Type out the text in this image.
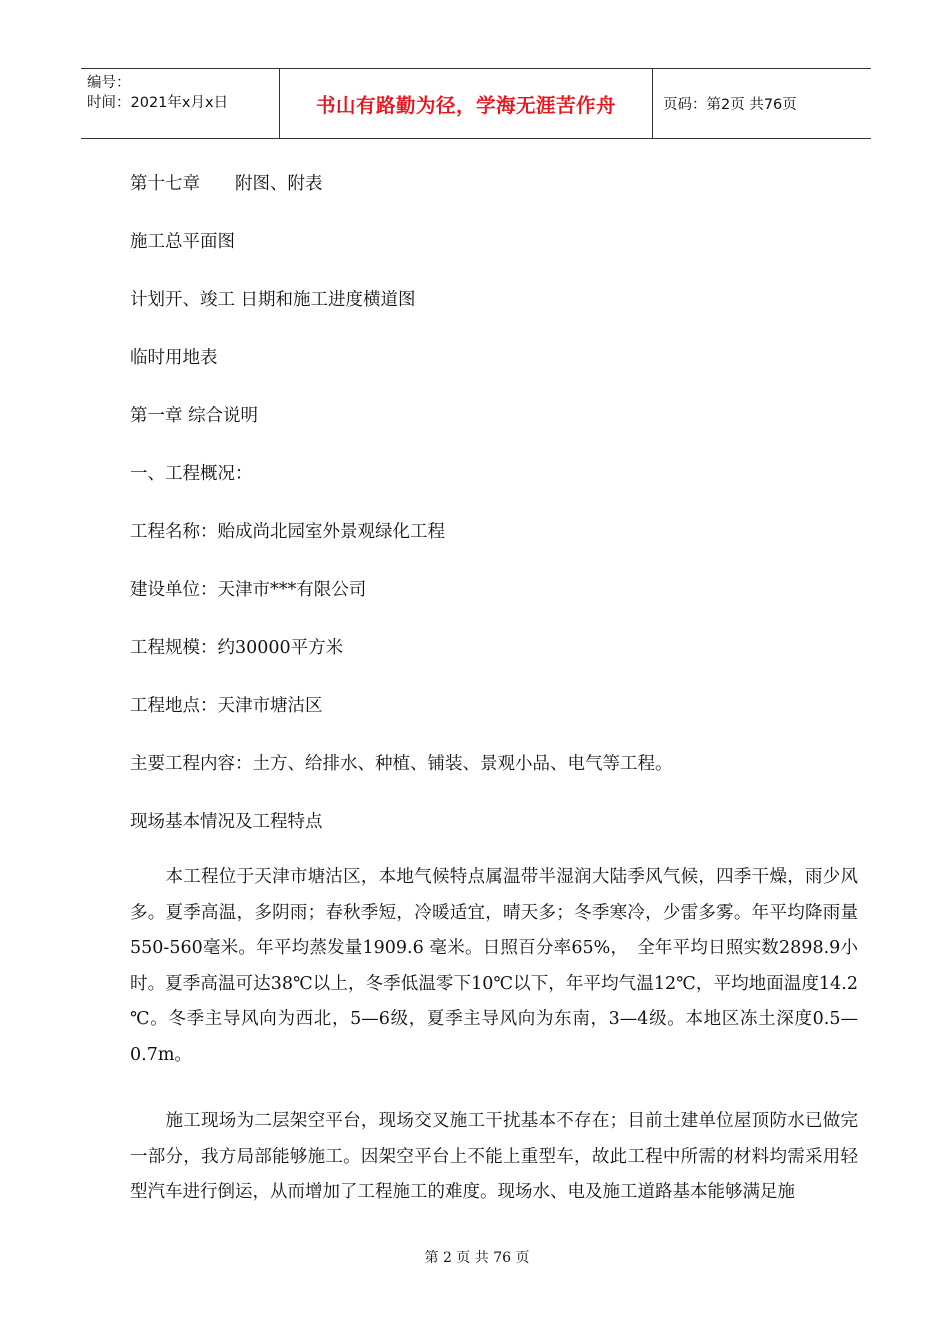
编号：
时间：2021年x月x日	书山有路勤为径，学海无涯苦作舟	页码：第2页 共76页
第十七章　　附图、附表
施工总平面图
计划开、竣工 日期和施工进度横道图
临时用地表
第一章 综合说明
一、工程概况：
工程名称：贻成尚北园室外景观绿化工程
建设单位：天津市***有限公司
工程规模：约30000平方米
工程地点：天津市塘沽区
主要工程内容：土方、给排水、种植、铺装、景观小品、电气等工程。
现场基本情况及工程特点
　　本工程位于天津市塘沽区，本地气候特点属温带半湿润大陆季风气候，四季干燥，雨少风多。夏季高温，多阴雨；春秋季短，冷暖适宜，晴天多；冬季寒冷，少雷多雾。年平均降雨量550-560毫米。年平均蒸发量1909.6 毫米。日照百分率65%，　全年平均日照实数2898.9小时。夏季高温可达38℃以上，冬季低温零下10℃以下，年平均气温12℃，平均地面温度14.2 ℃。冬季主导风向为西北，5—6级，夏季主导风向为东南，3—4级。本地区冻土深度0.5—0.7m。
　　施工现场为二层架空平台，现场交叉施工干扰基本不存在；目前土建单位屋顶防水已做完一部分，我方局部能够施工。因架空平台上不能上重型车，故此工程中所需的材料均需采用轻型汽车进行倒运，从而增加了工程施工的难度。现场水、电及施工道路基本能够满足施
第 2 页 共 76 页
